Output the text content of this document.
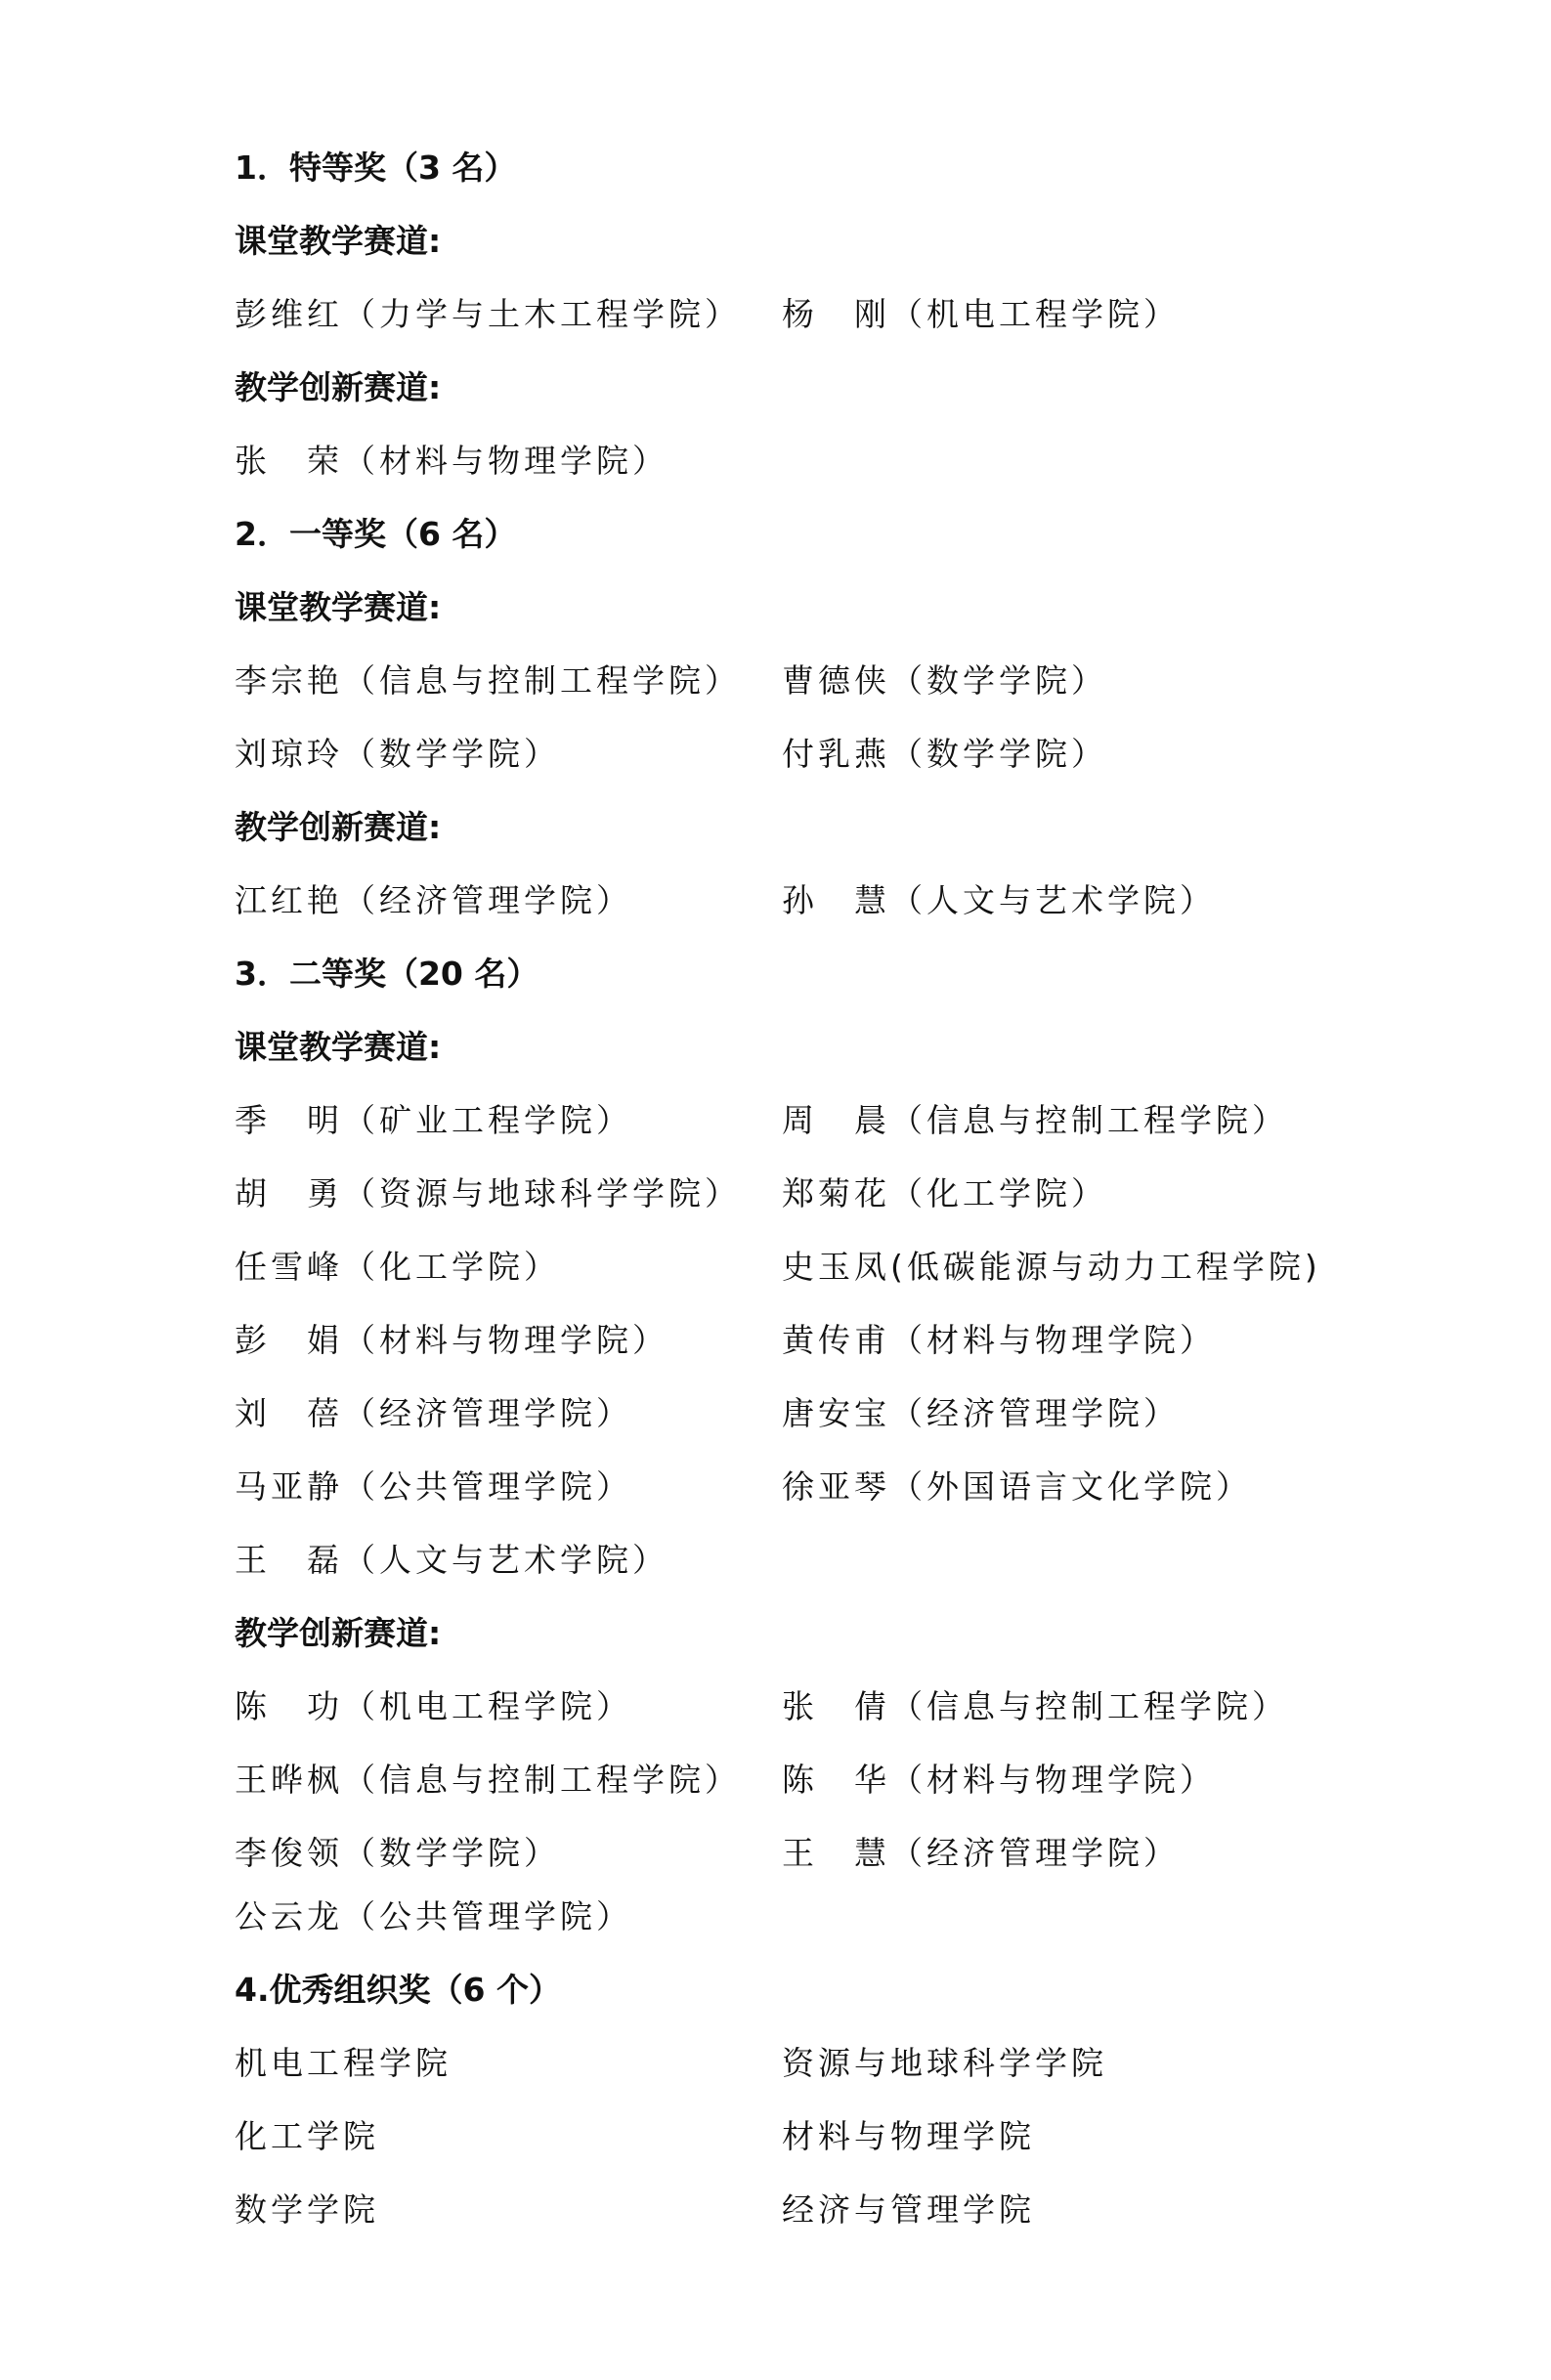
1．特等奖（3 名）
课堂教学赛道:
彭维红（力学与土木工程学院） 杨　刚（机电工程学院）
教学创新赛道:
张　荣（材料与物理学院）
2．一等奖（6 名）
课堂教学赛道:
李宗艳（信息与控制工程学院） 曹德侠（数学学院）
刘琼玲（数学学院）	付乳燕（数学学院）
教学创新赛道:
江红艳（经济管理学院）	孙　慧（人文与艺术学院）
3．二等奖（20 名）
课堂教学赛道:
季　明（矿业工程学院）	周　晨（信息与控制工程学院）
胡　勇（资源与地球科学学院） 郑菊花（化工学院）
任雪峰（化工学院）	史玉凤(低碳能源与动力工程学院)
彭　娟（材料与物理学院）	黄传甫（材料与物理学院）
刘　蓓（经济管理学院）	唐安宝（经济管理学院）
马亚静（公共管理学院）	徐亚琴（外国语言文化学院）
王　磊（人文与艺术学院）
教学创新赛道:
陈　功（机电工程学院）	张　倩（信息与控制工程学院）
王晔枫（信息与控制工程学院） 陈　华（材料与物理学院）
李俊领（数学学院）	王　慧（经济管理学院）
公云龙（公共管理学院）
4.优秀组织奖（6 个）
机电工程学院	资源与地球科学学院
化工学院	材料与物理学院
数学学院	经济与管理学院
